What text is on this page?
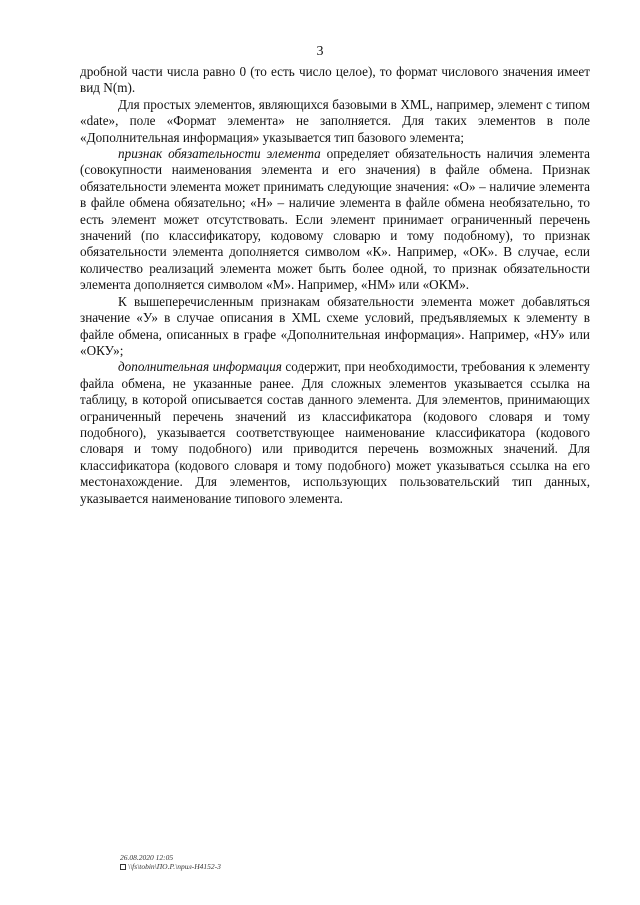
3

дробной части числа равно 0 (то есть число целое), то формат числового значения имеет вид N(m).

Для простых элементов, являющихся базовыми в XML, например, элемент с типом «date», поле «Формат элемента» не заполняется. Для таких элементов в поле «Дополнительная информация» указывается тип базового элемента;

признак обязательности элемента определяет обязательность наличия элемента (совокупности наименования элемента и его значения) в файле обмена. Признак обязательности элемента может принимать следующие значения: «О» – наличие элемента в файле обмена обязательно; «Н» – наличие элемента в файле обмена необязательно, то есть элемент может отсутствовать. Если элемент принимает ограниченный перечень значений (по классификатору, кодовому словарю и тому подобному), то признак обязательности элемента дополняется символом «К». Например, «ОК». В случае, если количество реализаций элемента может быть более одной, то признак обязательности элемента дополняется символом «М». Например, «НМ» или «ОКМ».

К вышеперечисленным признакам обязательности элемента может добавляться значение «У» в случае описания в XML схеме условий, предъявляемых к элементу в файле обмена, описанных в графе «Дополнительная информация». Например, «НУ» или «ОКУ»;

дополнительная информация содержит, при необходимости, требования к элементу файла обмена, не указанные ранее. Для сложных элементов указывается ссылка на таблицу, в которой описывается состав данного элемента. Для элементов, принимающих ограниченный перечень значений из классификатора (кодового словаря и тому подобного), указывается соответствующее наименование классификатора (кодового словаря и тому подобного) или приводится перечень возможных значений. Для классификатора (кодового словаря и тому подобного) может указываться ссылка на его местонахождение. Для элементов, использующих пользовательский тип данных, указывается наименование типового элемента.

26.08.2020 12:05
\\fs\tobin\ПО.Р.\прил-Н4152-3
